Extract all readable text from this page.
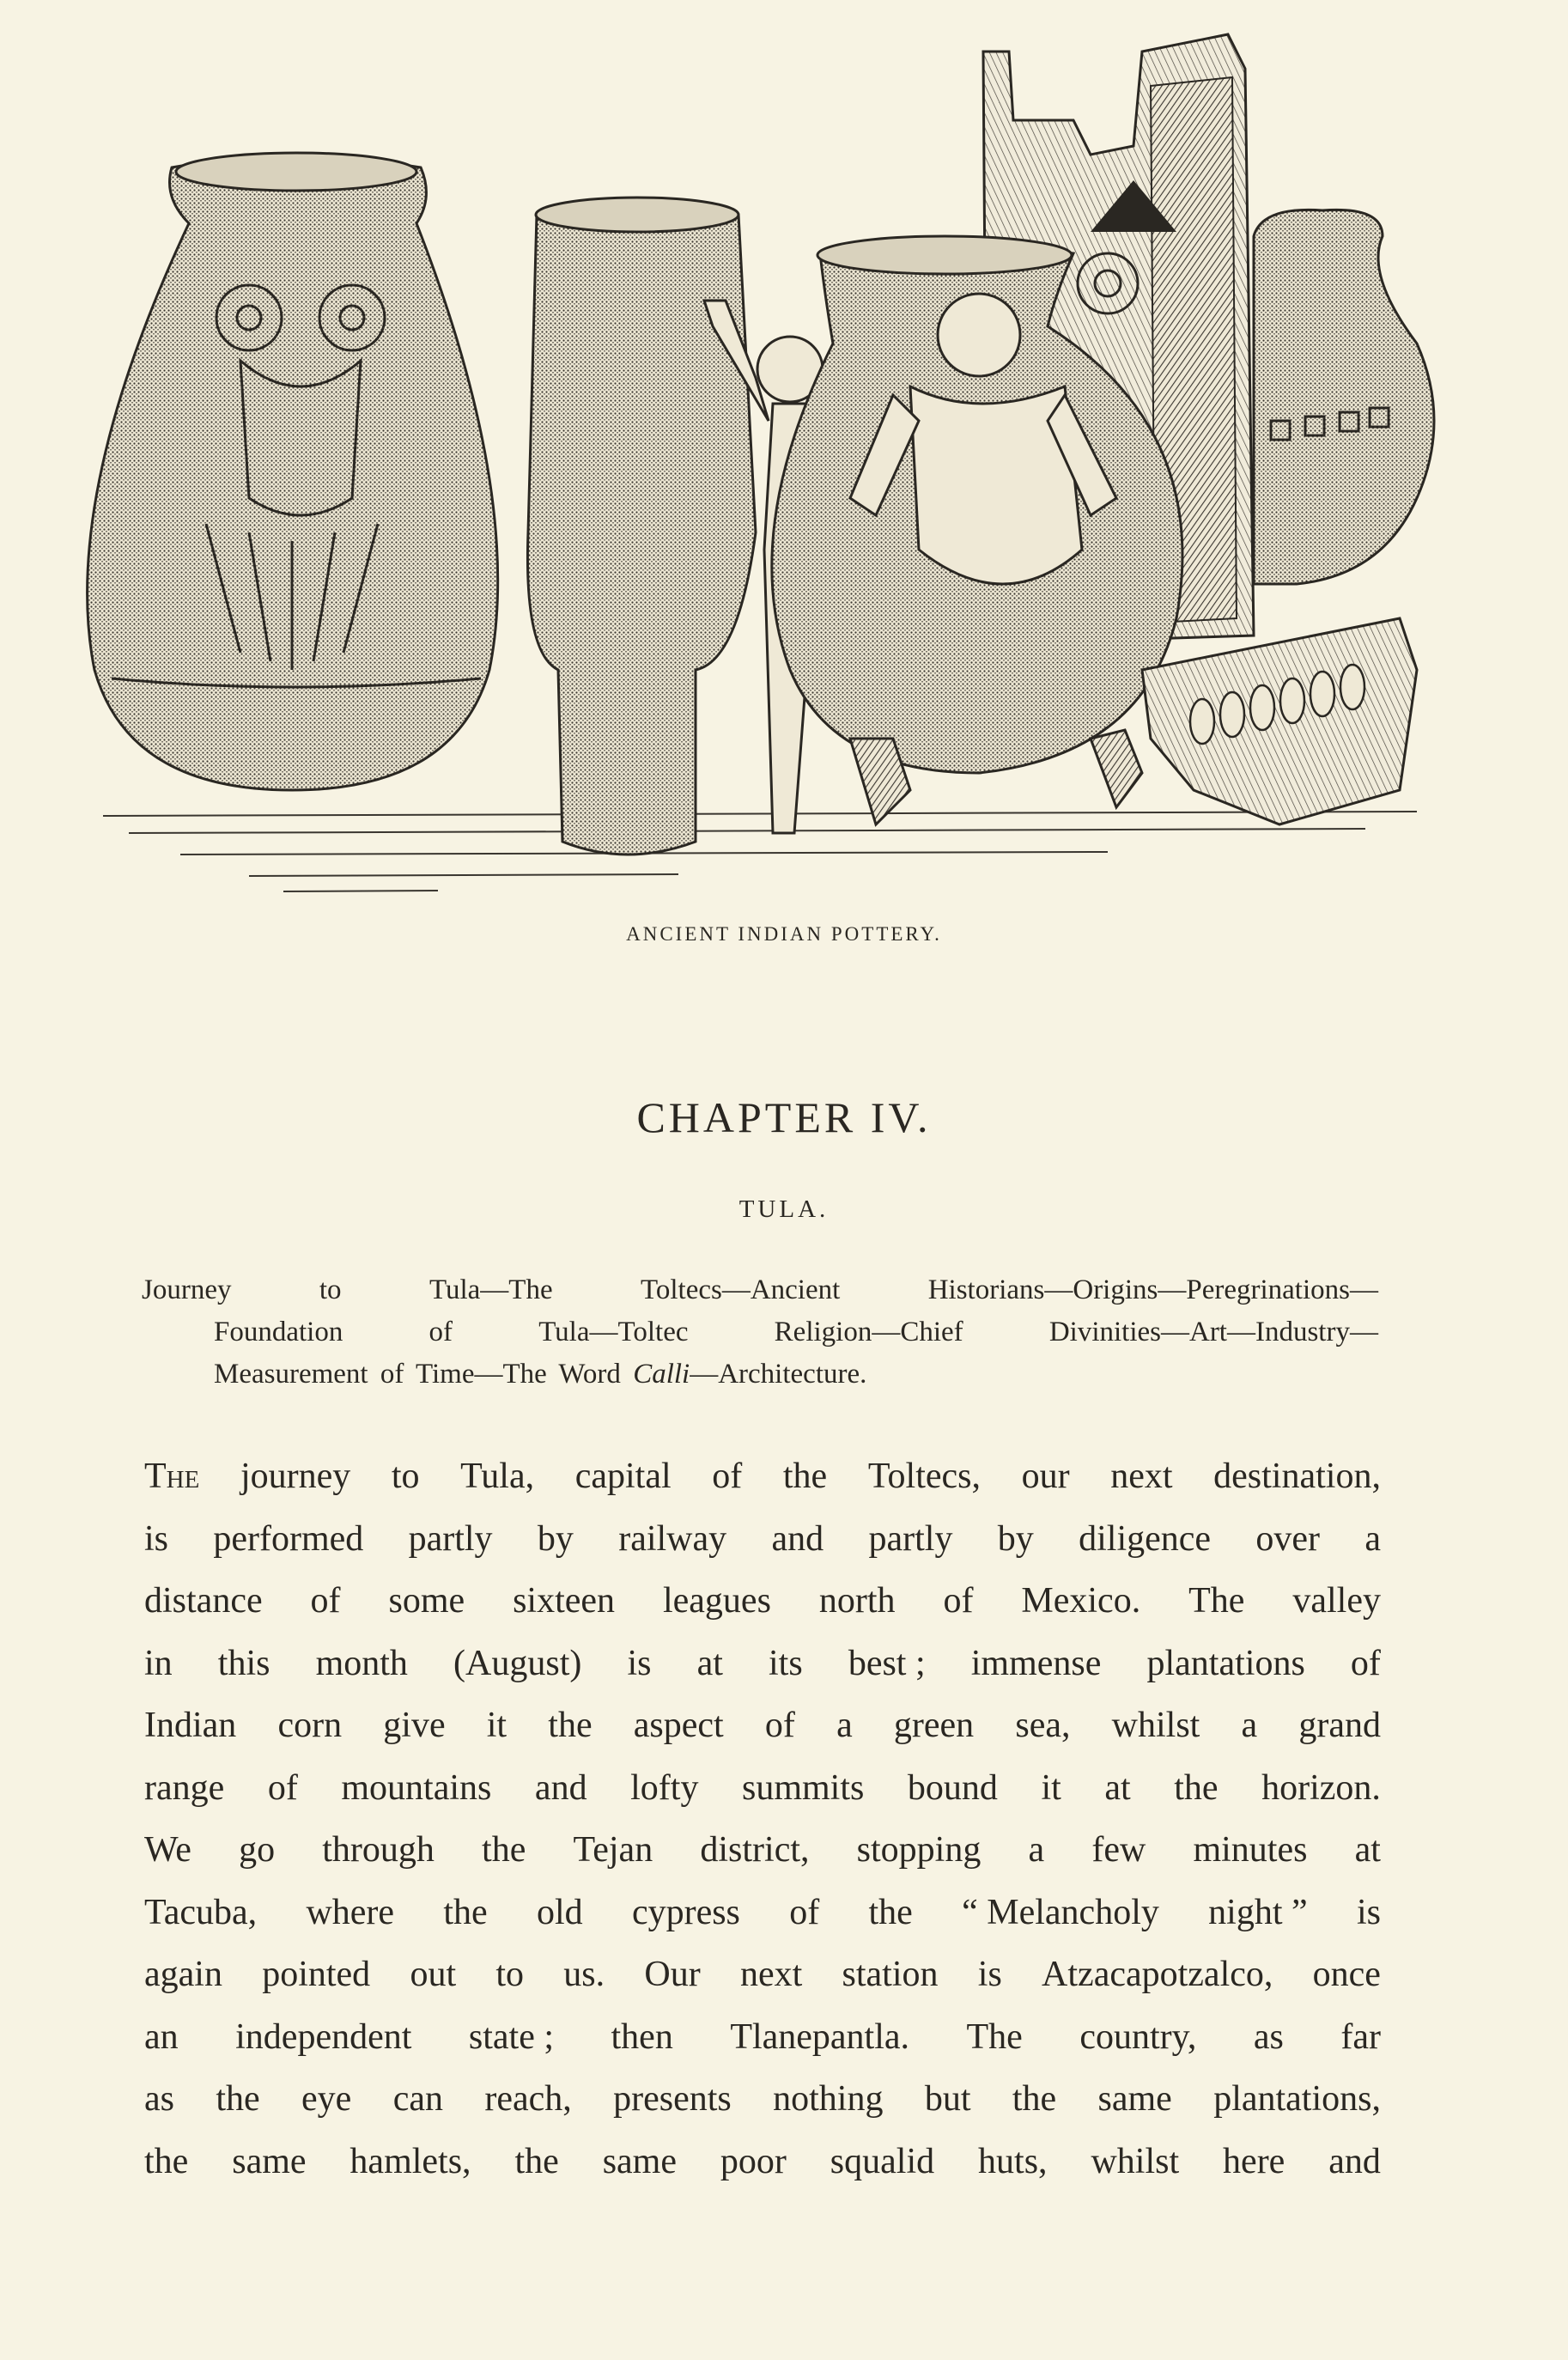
ANCIENT INDIAN POTTERY.
CHAPTER IV.
TULA.
Journey	to	Tula—The	Toltecs—Ancient	Historians—Origins—Peregrinations—
Foundation	of	Tula—Toltec	Religion—Chief	Divinities—Art—Industry—
Measurement of Time—The Word Calli —Architecture.
The journey to Tula, capital of the Toltecs, our next destination,
is performed partly by railway and partly by diligence over a
distance of some sixteen leagues north of Mexico. The valley
in this month (August) is at its best ; immense plantations of
Indian corn give it the aspect of a green sea, whilst a grand
range of mountains and lofty summits bound it at the horizon.
We go through the Tejan district, stopping a few minutes at
Tacuba, where the old cypress of the “ Melancholy night ” is
again pointed out to us. Our next station is Atzacapotzalco, once
an independent state ; then Tlanepantla. The country, as far
as the eye can reach, presents nothing but the same plantations,
the same hamlets, the same poor squalid huts, whilst here and
